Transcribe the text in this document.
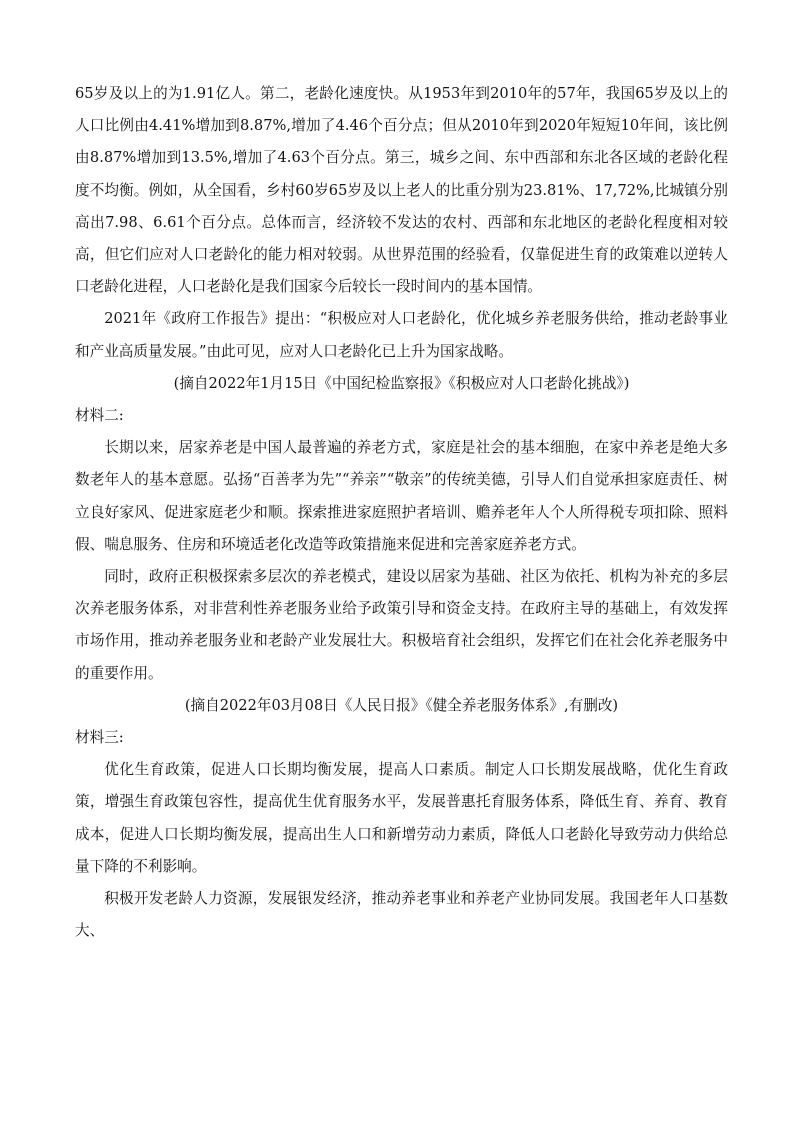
65岁及以上的为1.91亿人。第二，老龄化速度快。从1953年到2010年的57年，我国65岁及以上的人口比例由4.41%增加到8.87%,增加了4.46个百分点；但从2010年到2020年短短10年间，该比例由8.87%增加到13.5%,增加了4.63个百分点。第三，城乡之间、东中西部和东北各区域的老龄化程度不均衡。例如，从全国看，乡村60岁65岁及以上老人的比重分别为23.81%、17,72%,比城镇分别高出7.98、6.61个百分点。总体而言，经济较不发达的农村、西部和东北地区的老龄化程度相对较高，但它们应对人口老龄化的能力相对较弱。从世界范围的经验看，仅靠促进生育的政策难以逆转人口老龄化进程，人口老龄化是我们国家今后较长一段时间内的基本国情。

2021年《政府工作报告》提出：“积极应对人口老龄化，优化城乡养老服务供给，推动老龄事业和产业高质量发展。”由此可见，应对人口老龄化已上升为国家战略。

(摘自2022年1月15日《中国纪检监察报》《积极应对人口老龄化挑战》)

材料二:

长期以来，居家养老是中国人最普遍的养老方式，家庭是社会的基本细胞，在家中养老是绝大多数老年人的基本意愿。弘扬“百善孝为先”“养亲”“敬亲”的传统美德，引导人们自觉承担家庭责任、树立良好家风、促进家庭老少和顺。探索推进家庭照护者培训、赡养老年人个人所得税专项扣除、照料假、喘息服务、住房和环境适老化改造等政策措施来促进和完善家庭养老方式。

同时，政府正积极探索多层次的养老模式，建设以居家为基础、社区为依托、机构为补充的多层次养老服务体系，对非营利性养老服务业给予政策引导和资金支持。在政府主导的基础上，有效发挥市场作用，推动养老服务业和老龄产业发展壮大。积极培育社会组织，发挥它们在社会化养老服务中的重要作用。

(摘自2022年03月08日《人民日报》《健全养老服务体系》,有删改)

材料三:

优化生育政策，促进人口长期均衡发展，提高人口素质。制定人口长期发展战略，优化生育政策，增强生育政策包容性，提高优生优育服务水平，发展普惠托育服务体系，降低生育、养育、教育成本，促进人口长期均衡发展，提高出生人口和新增劳动力素质，降低人口老龄化导致劳动力供给总量下降的不利影响。

积极开发老龄人力资源，发展银发经济，推动养老事业和养老产业协同发展。我国老年人口基数大、
